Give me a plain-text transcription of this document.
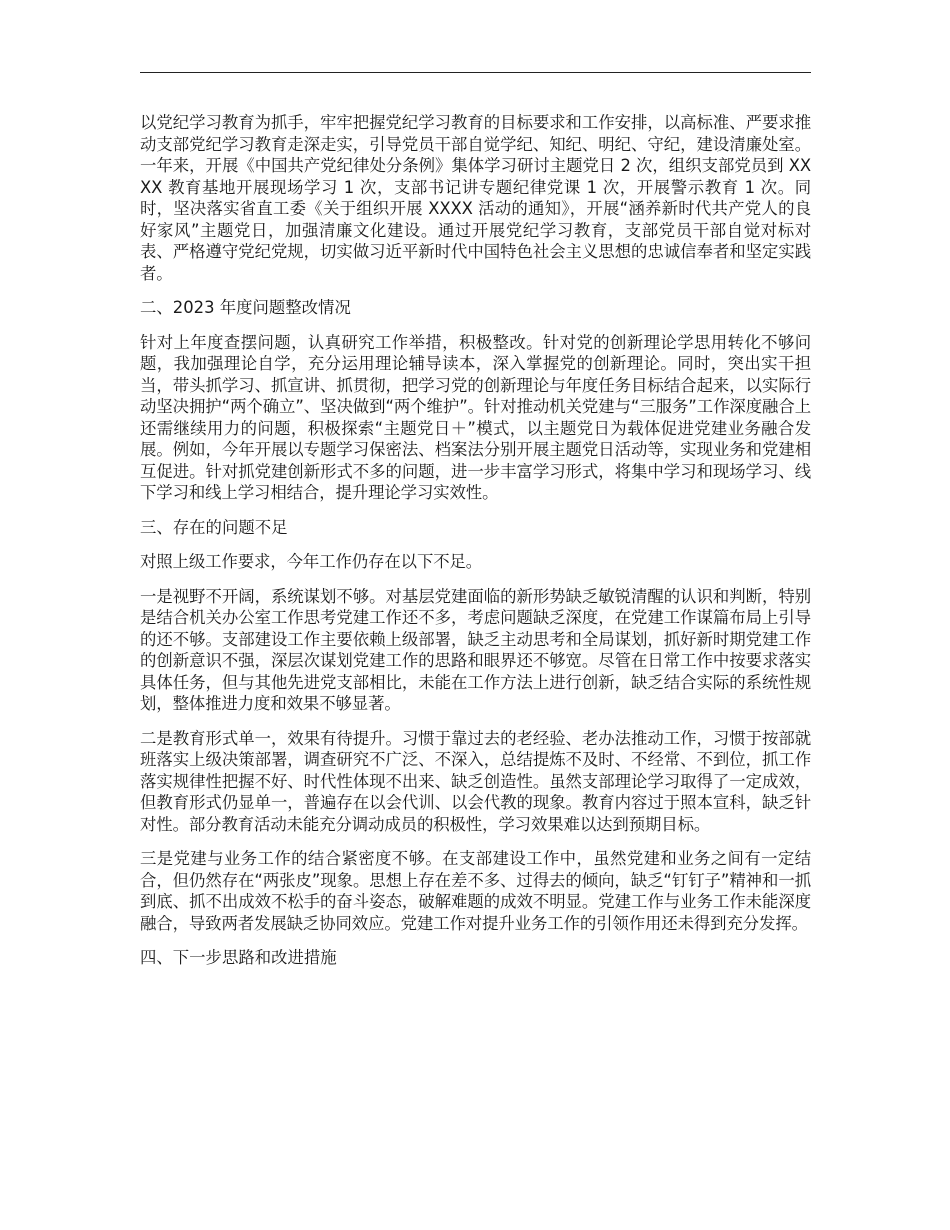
以党纪学习教育为抓手，牢牢把握党纪学习教育的目标要求和工作安排，以高标准、严要求推动支部党纪学习教育走深走实，引导党员干部自觉学纪、知纪、明纪、守纪，建设清廉处室。一年来，开展《中国共产党纪律处分条例》集体学习研讨主题党日 2 次，组织支部党员到 XXXX 教育基地开展现场学习 1 次，支部书记讲专题纪律党课 1 次，开展警示教育 1 次。同时，坚决落实省直工委《关于组织开展 XXXX 活动的通知》，开展“涵养新时代共产党人的良好家风”主题党日，加强清廉文化建设。通过开展党纪学习教育，支部党员干部自觉对标对表、严格遵守党纪党规，切实做习近平新时代中国特色社会主义思想的忠诚信奉者和坚定实践者。

二、2023 年度问题整改情况

针对上年度查摆问题，认真研究工作举措，积极整改。针对党的创新理论学思用转化不够问题，我加强理论自学，充分运用理论辅导读本，深入掌握党的创新理论。同时，突出实干担当，带头抓学习、抓宣讲、抓贯彻，把学习党的创新理论与年度任务目标结合起来，以实际行动坚决拥护“两个确立”、坚决做到“两个维护”。针对推动机关党建与“三服务”工作深度融合上还需继续用力的问题，积极探索“主题党日＋”模式，以主题党日为载体促进党建业务融合发展。例如，今年开展以专题学习保密法、档案法分别开展主题党日活动等，实现业务和党建相互促进。针对抓党建创新形式不多的问题，进一步丰富学习形式，将集中学习和现场学习、线下学习和线上学习相结合，提升理论学习实效性。

三、存在的问题不足

对照上级工作要求，今年工作仍存在以下不足。

一是视野不开阔，系统谋划不够。对基层党建面临的新形势缺乏敏锐清醒的认识和判断，特别是结合机关办公室工作思考党建工作还不多，考虑问题缺乏深度，在党建工作谋篇布局上引导的还不够。支部建设工作主要依赖上级部署，缺乏主动思考和全局谋划，抓好新时期党建工作的创新意识不强，深层次谋划党建工作的思路和眼界还不够宽。尽管在日常工作中按要求落实具体任务，但与其他先进党支部相比，未能在工作方法上进行创新，缺乏结合实际的系统性规划，整体推进力度和效果不够显著。

二是教育形式单一，效果有待提升。习惯于靠过去的老经验、老办法推动工作，习惯于按部就班落实上级决策部署，调查研究不广泛、不深入，总结提炼不及时、不经常、不到位，抓工作落实规律性把握不好、时代性体现不出来、缺乏创造性。虽然支部理论学习取得了一定成效，但教育形式仍显单一，普遍存在以会代训、以会代教的现象。教育内容过于照本宣科，缺乏针对性。部分教育活动未能充分调动成员的积极性，学习效果难以达到预期目标。

三是党建与业务工作的结合紧密度不够。在支部建设工作中，虽然党建和业务之间有一定结合，但仍然存在“两张皮”现象。思想上存在差不多、过得去的倾向，缺乏“钉钉子”精神和一抓到底、抓不出成效不松手的奋斗姿态，破解难题的成效不明显。党建工作与业务工作未能深度融合，导致两者发展缺乏协同效应。党建工作对提升业务工作的引领作用还未得到充分发挥。

四、下一步思路和改进措施
